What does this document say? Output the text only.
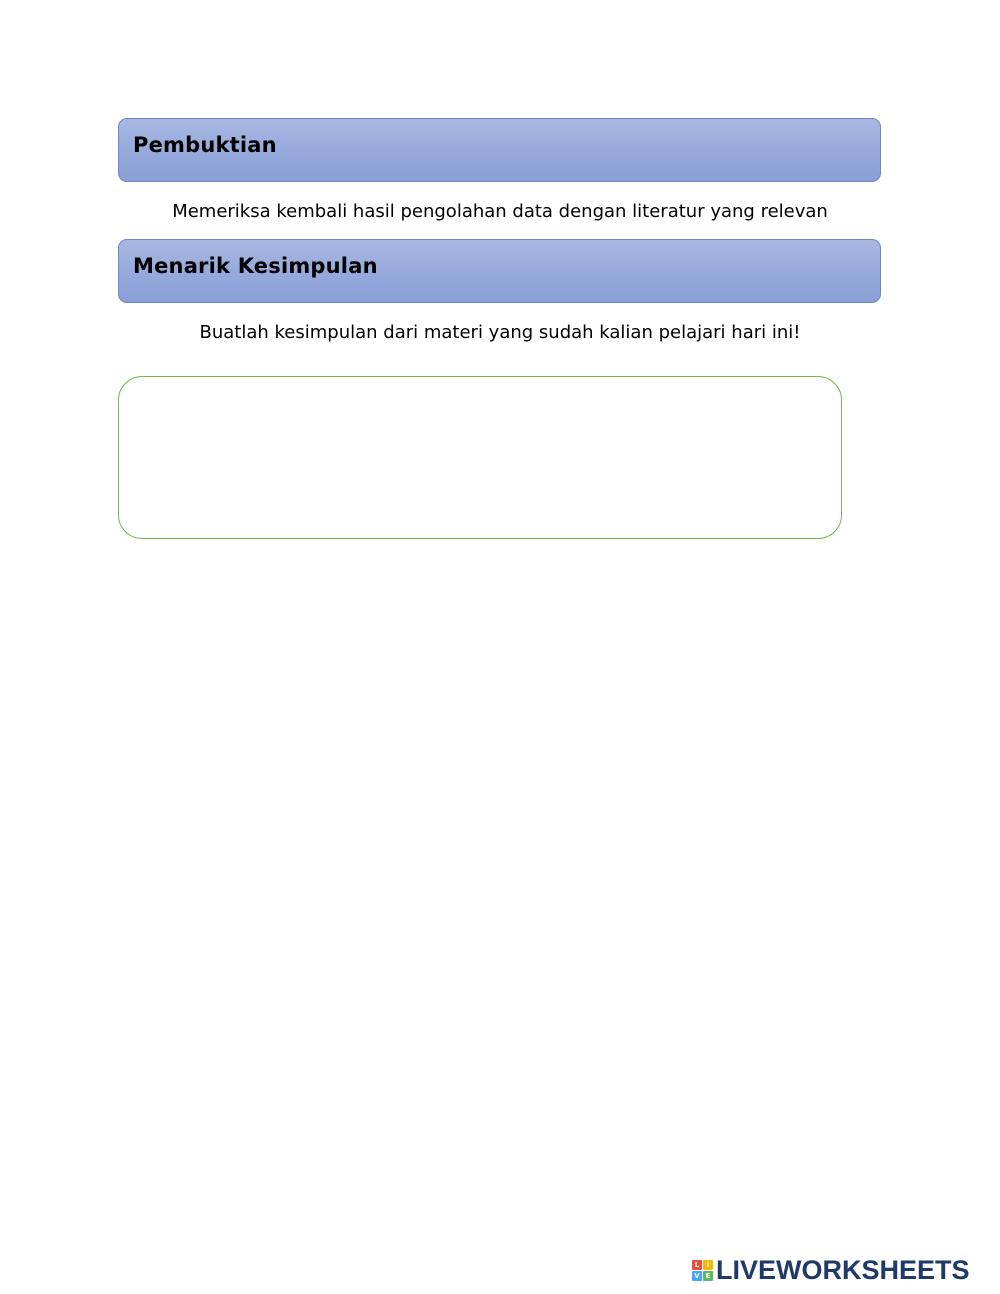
Pembuktian
Memeriksa kembali hasil pengolahan data dengan literatur yang relevan
Menarik Kesimpulan
Buatlah kesimpulan dari materi yang sudah kalian pelajari hari ini!
L	I
V E LIVEWORKSHEETS
